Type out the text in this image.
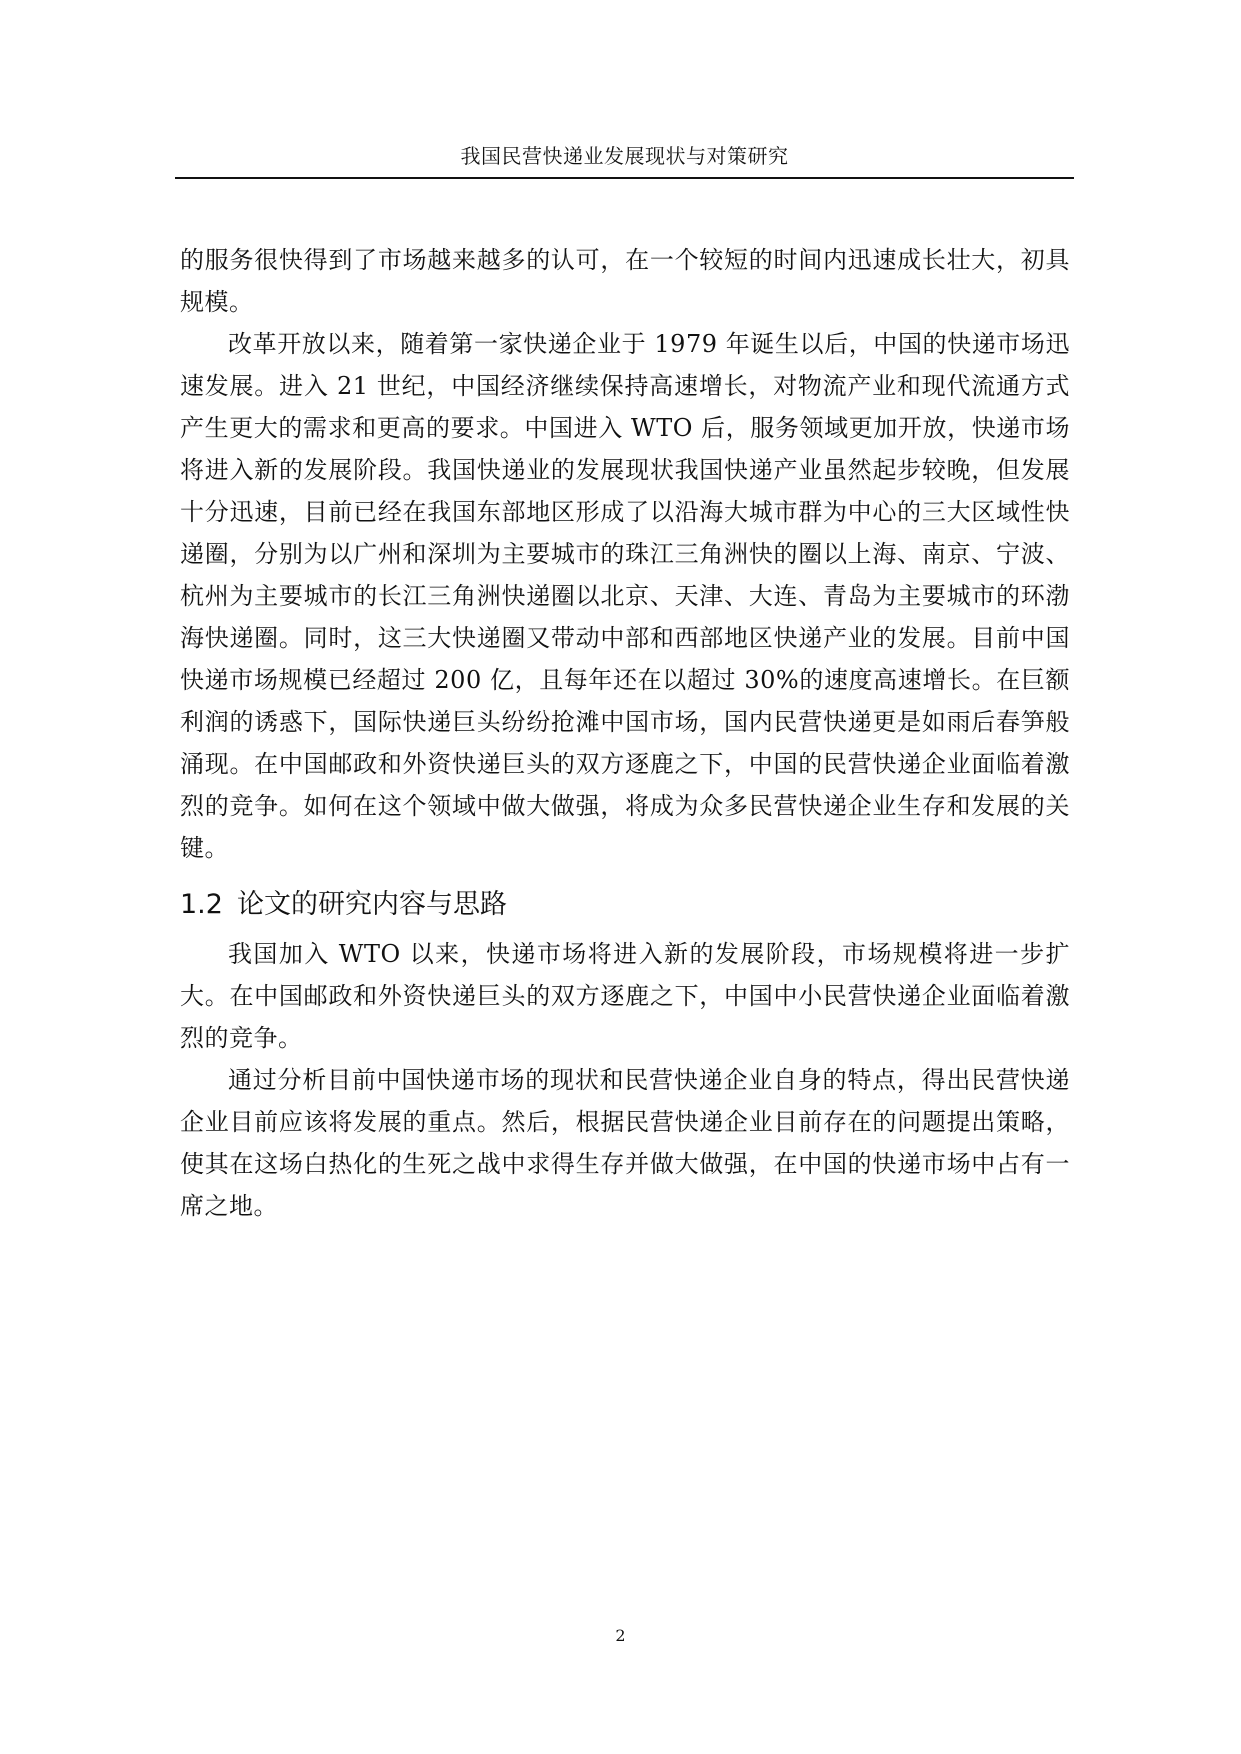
我国民营快递业发展现状与对策研究

的服务很快得到了市场越来越多的认可，在一个较短的时间内迅速成长壮大，初具规模。

改革开放以来，随着第一家快递企业于 1979 年诞生以后，中国的快递市场迅速发展。进入 21 世纪，中国经济继续保持高速增长，对物流产业和现代流通方式产生更大的需求和更高的要求。中国进入 WTO 后，服务领域更加开放，快递市场将进入新的发展阶段。我国快递业的发展现状我国快递产业虽然起步较晚，但发展十分迅速，目前已经在我国东部地区形成了以沿海大城市群为中心的三大区域性快递圈，分别为以广州和深圳为主要城市的珠江三角洲快的圈以上海、南京、宁波、杭州为主要城市的长江三角洲快递圈以北京、天津、大连、青岛为主要城市的环渤海快递圈。同时，这三大快递圈又带动中部和西部地区快递产业的发展。目前中国快递市场规模已经超过 200 亿，且每年还在以超过 30%的速度高速增长。在巨额利润的诱惑下，国际快递巨头纷纷抢滩中国市场，国内民营快递更是如雨后春笋般涌现。在中国邮政和外资快递巨头的双方逐鹿之下，中国的民营快递企业面临着激烈的竞争。如何在这个领域中做大做强，将成为众多民营快递企业生存和发展的关键。

1.2 论文的研究内容与思路

我国加入 WTO 以来，快递市场将进入新的发展阶段，市场规模将进一步扩大。在中国邮政和外资快递巨头的双方逐鹿之下，中国中小民营快递企业面临着激烈的竞争。

通过分析目前中国快递市场的现状和民营快递企业自身的特点，得出民营快递企业目前应该将发展的重点。然后，根据民营快递企业目前存在的问题提出策略，使其在这场白热化的生死之战中求得生存并做大做强，在中国的快递市场中占有一席之地。

2
